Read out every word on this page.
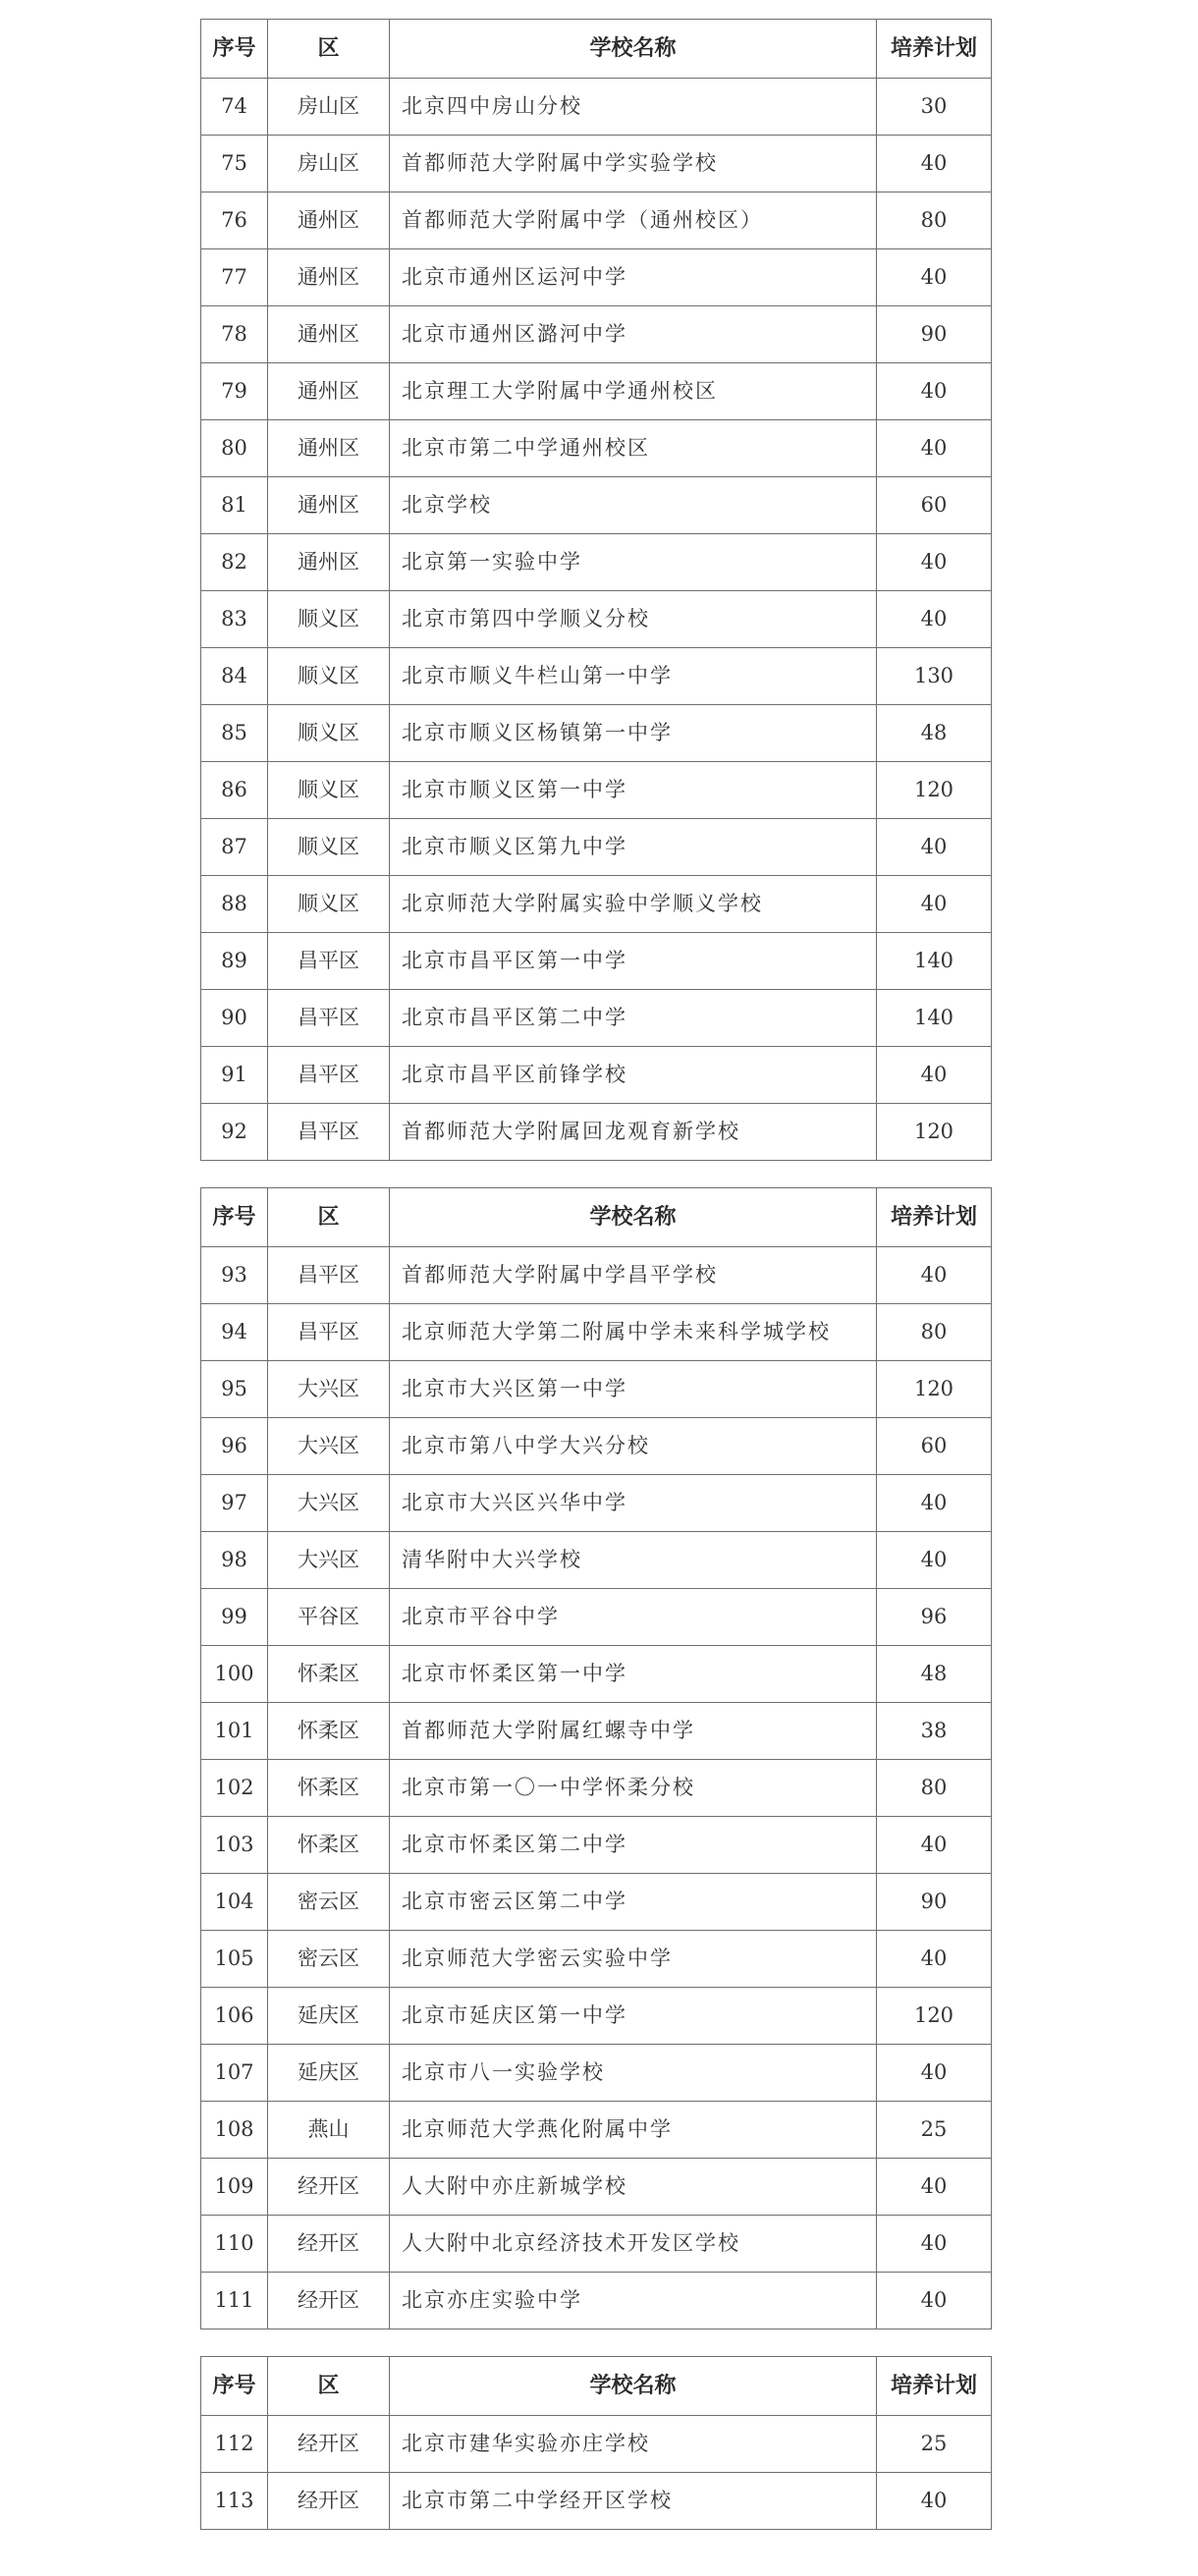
序号	区	学校名称	培养计划
74	房山区	北京四中房山分校	30
75	房山区	首都师范大学附属中学实验学校	40
76	通州区	首都师范大学附属中学（通州校区）	80
77	通州区	北京市通州区运河中学	40
78	通州区	北京市通州区潞河中学	90
79	通州区	北京理工大学附属中学通州校区	40
80	通州区	北京市第二中学通州校区	40
81	通州区	北京学校	60
82	通州区	北京第一实验中学	40
83	顺义区	北京市第四中学顺义分校	40
84	顺义区	北京市顺义牛栏山第一中学	130
85	顺义区	北京市顺义区杨镇第一中学	48
86	顺义区	北京市顺义区第一中学	120
87	顺义区	北京市顺义区第九中学	40
88	顺义区	北京师范大学附属实验中学顺义学校	40
89	昌平区	北京市昌平区第一中学	140
90	昌平区	北京市昌平区第二中学	140
91	昌平区	北京市昌平区前锋学校	40
92	昌平区	首都师范大学附属回龙观育新学校	120
序号	区	学校名称	培养计划
93	昌平区	首都师范大学附属中学昌平学校	40
94	昌平区	北京师范大学第二附属中学未来科学城学校	80
95	大兴区	北京市大兴区第一中学	120
96	大兴区	北京市第八中学大兴分校	60
97	大兴区	北京市大兴区兴华中学	40
98	大兴区	清华附中大兴学校	40
99	平谷区	北京市平谷中学	96
100	怀柔区	北京市怀柔区第一中学	48
101	怀柔区	首都师范大学附属红螺寺中学	38
102	怀柔区	北京市第一〇一中学怀柔分校	80
103	怀柔区	北京市怀柔区第二中学	40
104	密云区	北京市密云区第二中学	90
105	密云区	北京师范大学密云实验中学	40
106	延庆区	北京市延庆区第一中学	120
107	延庆区	北京市八一实验学校	40
108	燕山	北京师范大学燕化附属中学	25
109	经开区	人大附中亦庄新城学校	40
110	经开区	人大附中北京经济技术开发区学校	40
111	经开区	北京亦庄实验中学	40
序号	区	学校名称	培养计划
112	经开区	北京市建华实验亦庄学校	25
113	经开区	北京市第二中学经开区学校	40
